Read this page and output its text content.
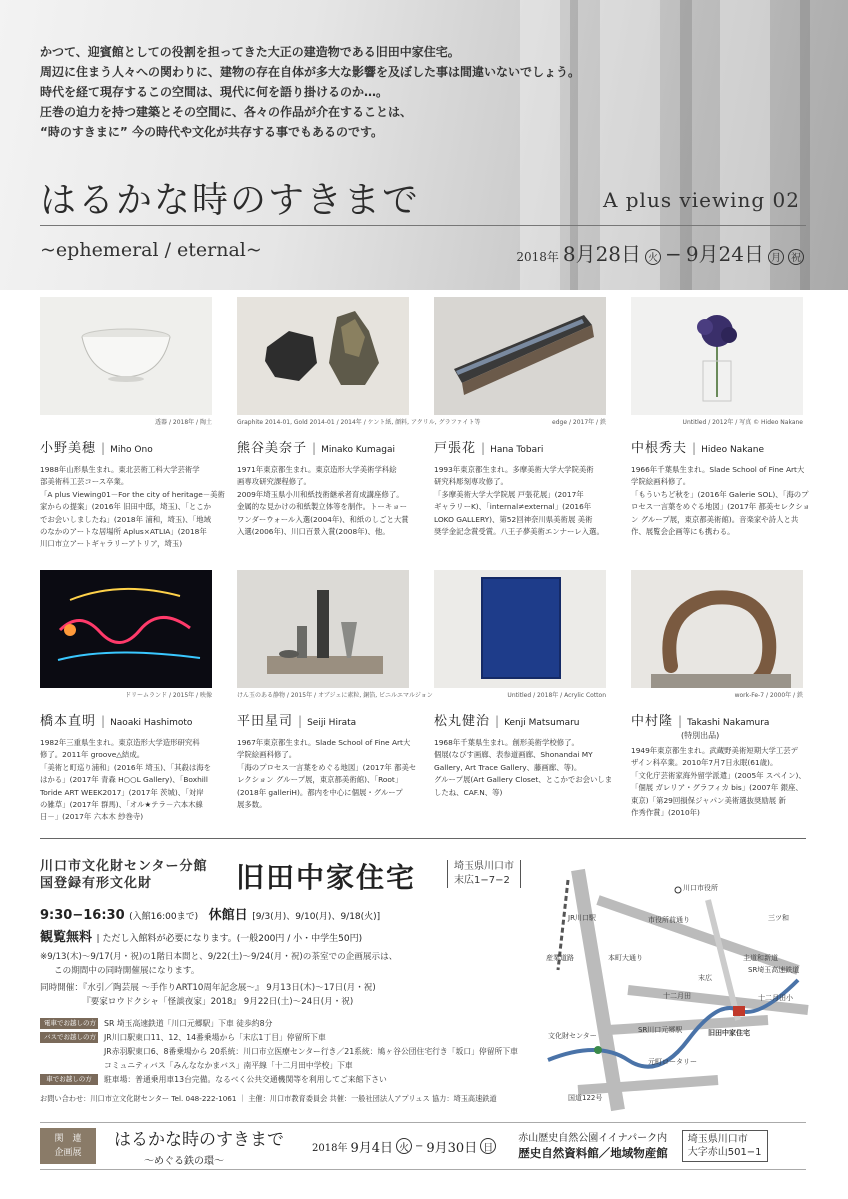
かつて、迎賓館としての役割を担ってきた大正の建造物である旧田中家住宅。

周辺に住まう人々への関わりに、建物の存在自体が多大な影響を及ぼした事は間違いないでしょう。

時代を経て現存するこの空間は、現代に何を語り掛けるのか…。

圧巻の迫力を持つ建築とその空間に、各々の作品が介在することは、

“時のすきまに” 今の時代や文化が共存する事でもあるのです。

はるかな時のすきまで	A plus viewing 02
~ephemeral / eternal~	2018年 8月28日 火 − 9月24日 月	祝
透器 / 2018年 / 陶土
小野美穂 | Miho Ono

1988年山形県生まれ。東北芸術工科大学芸術学

部美術科工芸コース卒業。

「A plus Viewing01－For the city of heritage－美術

家からの提案」(2016年 旧田中邸，埼玉)、「とこか

でお会いしましたね」(2018年 浦和，埼玉)、「地域

のなかのアートな居場所 Aplus×ATLIA」(2018年

川口市立アートギャラリーアトリア，埼玉)

Graphite 2014-01, Gold 2014-01 / 2014年 / ケント紙, 顔料, アクリル, グラファイト等
熊谷美奈子 | Minako Kumagai

1971年東京都生まれ。東京造形大学美術学科絵

画専攻研究課程修了。

2009年埼玉県小川和紙技術継承者育成講座修了。

金属的な見かけの和紙製立体等を制作。トーキョー

ワンダーウォール入選(2004年)、和紙のしごと大賞

入選(2006年)、川口百景入賞(2008年)、他。

edge / 2017年 / 鉄
戸張花 | Hana Tobari

1993年東京都生まれ。多摩美術大学大学院美術

研究科彫刻専攻修了。

「多摩美術大学大学院展 戸張花展」(2017年

ギャラリーK)、「internal≠external」(2016年

LOKO GALLERY)、第52回神奈川県美術展 美術

奨学金記念賞受賞。八王子夢美術エンナーレ入選。

Untitled / 2012年 / 写真 © Hideo Nakane
中根秀夫 | Hideo Nakane

1966年千葉県生まれ。Slade School of Fine Art大

学院絵画科修了。

「もういちど秋を」(2016年 Galerie SOL)、「海のプ

ロセス一言葉をめぐる地図」(2017年 都美セレクショ

ン グループ展，東京都美術館)。音楽家や詩人と共

作、展覧会企画等にも携わる。

ドリームランド / 2015年 / 映像
橋本直明 | Naoaki Hashimoto

1982年三重県生まれ。東京造形大学造形研究科

修了。2011年 groove△結成。

「美術と町巡り浦和」(2016年 埼玉)、「其殺は海を

はかる」(2017年 青森 H○○L Gallery)、「Boxhill

Toride ART WEEK2017」(2017年 茨城)、「対岸

の雑草」(2017年 群馬)、「オル★テラ－六本木線

日－」(2017年 六本木 紗巻寺)

けん玉のある静物 / 2015年 / オブジェに素粒, 銅箔, ビニルエマルジョン
平田星司 | Seiji Hirata

1967年東京都生まれ。Slade School of Fine Art大

学院絵画科修了。

「海のプロセス一言葉をめぐる地図」(2017年 都美セ

レクション グループ展，東京都美術館)、「Root」

(2018年 galleriH)。都内を中心に個展・グループ

展多数。

Untitled / 2018年 / Acrylic Cotton
松丸健治 | Kenji Matsumaru

1968年千葉県生まれ。創形美術学校修了。

個展(なびす画廊、表参道画廊、Shonandai MY

Gallery, Art Trace Gallery、藤画廊、等)。

グループ展(Art Gallery Closet、とこかでお会いしま

したね、CAF.N、等)

work-Fe-7 / 2000年 / 鉄
中村隆 | Takashi Nakamura
(特別出品)

1949年東京都生まれ。武蔵野美術短期大学工芸デ

ザイン科卒業。2010年7月7日永眠(61歳)。

「文化庁芸術家海外留学派遣」(2005年 スペイン)、

「個展 ガレリア・グラフィカ bis」(2007年 銀座、

東京)「第29回損保ジャパン美術選抜奨励展 新

作秀作賞」(2010年)

川口市文化財センター分館
国登録有形文化財	旧田中家住宅	埼玉県川口市
末広1−7−2
9:30−16:30 (入館16:00まで) 休館日 [9/3(月)、9/10(月)、9/18(火)]
観覧無料 | ただし入館料が必要になります。(一般200円 / 小・中学生50円)

※9/13(木)～9/17(月・祝)の1階日本間と、9/22(土)～9/24(月・祝)の茶室での企画展示は、

この期間中の同時開催展になります。

同時開催：『水引／陶芸展 ～手作りART10周年記念展～』 9月13日(木)～17日(月・祝)

『要家ロウドクシャ「怪談夜家」2018』 9月22日(土)～24日(月・祝)

電車でお越しの方 SR 埼玉高速鉄道「川口元郷駅」下車 徒歩約8分
バスでお越しの方 JR川口駅東口11、12、14番乗場から「末広1丁目」停留所下車
JR赤羽駅東口6、8番乗場から 20系統：川口市立医療センター行き／21系統：鳩ヶ谷公団住宅行き「坂口」停留所下車
コミュニティバス「みんななかまバス」南平線「十二月田中学校」下車
車でお越しの方	駐車場：普通乗用車13台完備。なるべく公共交通機関等を利用してご来館下さい
お問い合わせ：川口市立文化財センター Tel. 048-222-1061 ｜ 主催：川口市教育委員会 共催：一般社団法人アプリュス 協力：埼玉高速鉄道
川口市役所
市役所前通り
JR川口駅
産業道路	本町大通り
三ツ和
末広
主道和新道
SR埼玉高速鉄道
十二月田	十二月田小
文化財センター
SR川口元郷駅	旧田中家住宅
元町ロータリー
国道122号
関　連
企画展
はるかな時のすきまで
～めぐる鉄の環～
2018年 9月4日 火 − 9月30日 日
赤山歴史自然公園イイナパーク内
歴史自然資料館／地域物産館
埼玉県川口市
大字赤山501−1
